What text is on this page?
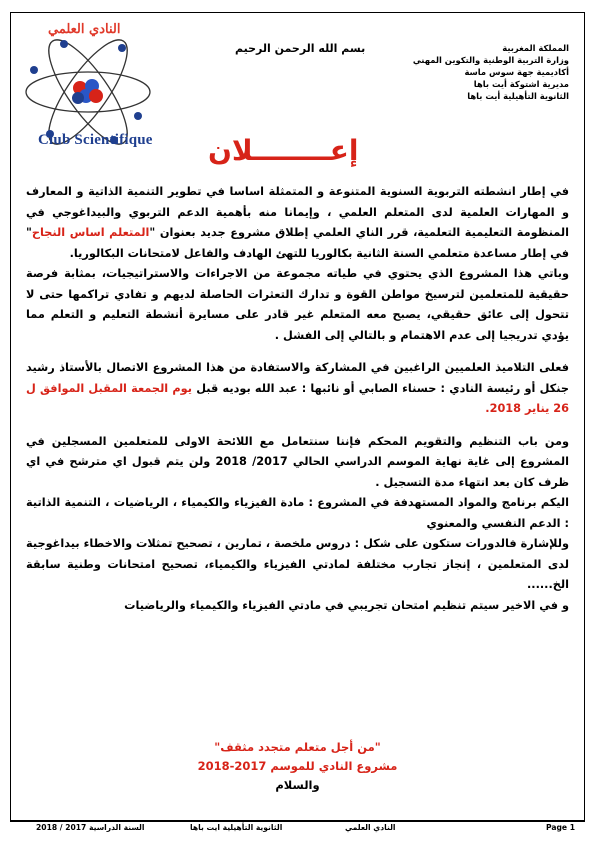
النادي العلمي
Club Scientifique
بسم الله الرحمن الرحيم	المملكة المغربية
وزارة التربية الوطنية والتكوين المهني
أكاديمية جهة سوس ماسة
مديرية اشتوكة أيت باها
الثانوية التأهيلية أيت باها
إعــــــــلان

في إطار انشطته التربوية السنوية المتنوعة و المتمثلة اساسا في تطوير التنمية الذاتية و المعارف و المهارات العلمية لدى المتعلم العلمي ، وإيمانا منه بأهمية الدعم التربوي والبيداغوجي في المنظومة التعليمية التعلمية، قرر الناي العلمي إطلاق مشروع جديد بعنوان "المتعلم اساس النجاح" في إطار مساعدة متعلمي السنة الثانية بكالوريا للتهئ الهادف والفاعل لامتحانات البكالوريا.

وباتي هذا المشروع الذي يحتوي في طياته مجموعة من الاجراءات والاستراتيجيات، بمثابة فرصة حقيقية للمتعلمين لترسيخ مواطن القوة و تدارك التعثرات الحاصلة لديهم و تفادي تراكمها حتى لا تتحول إلى عائق حقيقي، يصبح معه المتعلم غير قادر على مسايرة أنشطة التعليم و التعلم مما يؤدي تدريجيا إلى عدم الاهتمام و بالتالي إلى الفشل .

فعلى التلاميذ العلميين الراغبين في المشاركة والاستفادة من هذا المشروع الاتصال بالأستاذ رشيد جنكل أو رئيسة النادي : حسناء الصابي أو نائبها : عبد الله بوديه قبل يوم الجمعة المقبل الموافق ل 26 يناير 2018.

ومن باب التنظيم والتقويم المحكم فإننا سنتعامل مع اللائحة الاولى للمتعلمين المسجلين في المشروع إلى غاية نهاية الموسم الدراسي الحالي 2017/ 2018 ولن يتم قبول اي مترشح في اي ظرف كان بعد انتهاء مدة التسجيل .

اليكم برنامج والمواد المستهدفة في المشروع : مادة الفيزياء والكيمياء ، الرياضيات ، التنمية الذاتية : الدعم النفسي والمعنوي

وللإشارة فالدورات ستكون على شكل : دروس ملخصة ، تمارين ، تصحيح تمثلات والاخطاء بيداغوجية لدى المتعلمين ، إنجاز تجارب مختلفة لمادتي الفيزياء والكيمياء، تصحيح امتحانات وطنية سابقة الخ......

و في الاخير سيتم تنظيم امتحان تجريبي في مادتي الفيزياء والكيمياء والرياضيات

"من أجل متعلم متجدد مثقف"
مشروع النادي للموسم 2017-2018
والسلام
Page 1
النادي العلمي
الثانوية التأهيلية ايت باها
السنة الدراسية 2017 / 2018
